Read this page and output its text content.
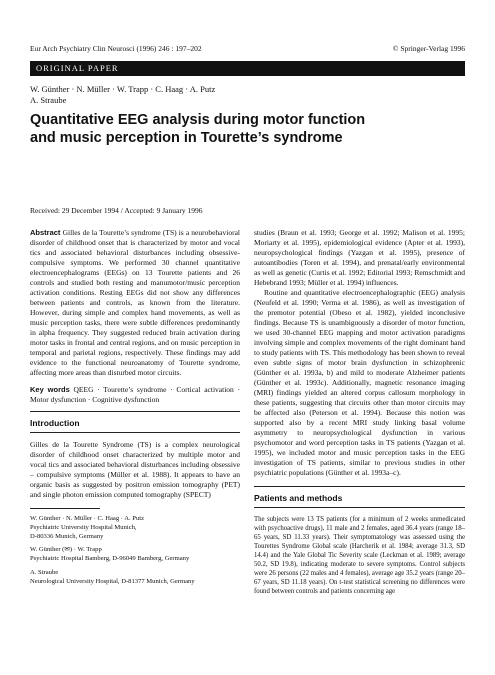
Eur Arch Psychiatry Clin Neurosci (1996) 246 : 197–202	© Springer-Verlag 1996
ORIGINAL PAPER
W. Günther · N. Müller · W. Trapp · C. Haag · A. Putz
A. Straube
Quantitative EEG analysis during motor function
and music perception in Tourette’s syndrome
Received: 29 December 1994 / Accepted: 9 January 1996

Abstract Gilles de la Tourette’s syndrome (TS) is a neurobehavioral disorder of childhood onset that is characterized by motor and vocal tics and associated behavioral disturbances including obsessive-compulsive symptoms. We performed 30 channel quantitative electroencephalograms (EEGs) on 13 Tourette patients and 26 controls and studied both resting and manumotor/music perception activation conditions. Resting EEGs did not show any differences between patients and controls, as known from the literature. However, during simple and complex hand movements, as well as music perception tasks, there were subtle differences predominantly in alpha frequency. They suggested reduced brain activation during motor tasks in frontal and central regions, and on music perception in temporal and parietal regions, respectively. These findings may add evidence to the functional neuroanatomy of Tourette syndrome, affecting more areas than disturbed motor circuits.

Key words QEEG · Tourette’s syndrome · Cortical activation · Motor dysfunction · Cognitive dysfunction

Introduction

Gilles de la Tourette Syndrome (TS) is a complex neurological disorder of childhood onset characterized by multiple motor and vocal tics and associated behavioral disturbances including obsessive – compulsive symptoms (Müller et al. 1988). It appears to have an organic basis as suggested by positron emission tomography (PET) and single photon emission computed tomography (SPECT)

W. Günther · N. Müller · C. Haag · A. Putz
Psychiatric University Hospital Munich,
D-80336 Munich, Germany

W. Günther (✉) · W. Trapp
Psychiatric Hospital Bamberg, D-96049 Bamberg, Germany

A. Straube
Neurological University Hospital, D-81377 Munich, Germany

studies (Braun et al. 1993; George et al. 1992; Malison et al. 1995; Moriarty et al. 1995), epidemiological evidence (Apter et al. 1993), neuropsychological findings (Yazgan et al. 1995), presence of autoantibodies (Toren et al. 1994), and prenatal/early environmental as well as genetic (Curtis et al. 1992; Editorial 1993; Remschmidt and Hebebrand 1993; Müller et al. 1994) influences.

Routine and quantitative electroencephalographic (EEG) analysis (Neufeld et al. 1990; Verma et al. 1986), as well as investigation of the premotor potential (Obeso et al. 1982), yielded inconclusive findings. Because TS is unambiguously a disorder of motor function, we used 30-channel EEG mapping and motor activation paradigms involving simple and complex movements of the right dominant hand to study patients with TS. This methodology has been shown to reveal even subtle signs of motor brain dysfunction in schizophrenic (Günther et al. 1993a, b) and mild to moderate Alzheimer patients (Günther et al. 1993c). Additionally, magnetic resonance imaging (MRI) findings yielded an altered corpus callosum morphology in these patients, suggesting that circuits other than motor circuits may be affected also (Peterson et al. 1994). Because this notion was supported also by a recent MRI study linking basal volume asymmetry to neuropsychological dysfunction in various psychomotor and word perception tasks in TS patients (Yazgan et al. 1995), we included motor and music perception tasks in the EEG investigation of TS patients, similar to previous studies in other psychiatric populations (Günther et al. 1993a–c).

Patients and methods

The subjects were 13 TS patients (for a minimum of 2 weeks unmedicated with psychoactive drugs), 11 male and 2 females, aged 36.4 years (range 18–65 years, SD 11.33 years). Their symptomatology was assessed using the Tourettes Syndrome Global scale (Harcherik et al. 1984; average 31.3, SD 14.4) and the Yale Global Tic Severity scale (Leckman et al. 1989; average 50.2, SD 19.8), indicating moderate to severe symptoms. Control subjects were 26 persons (22 males and 4 females), average age 35.2 years (range 20–67 years, SD 11.18 years). On t-test statistical screening no differences were found between controls and patients concerning age
